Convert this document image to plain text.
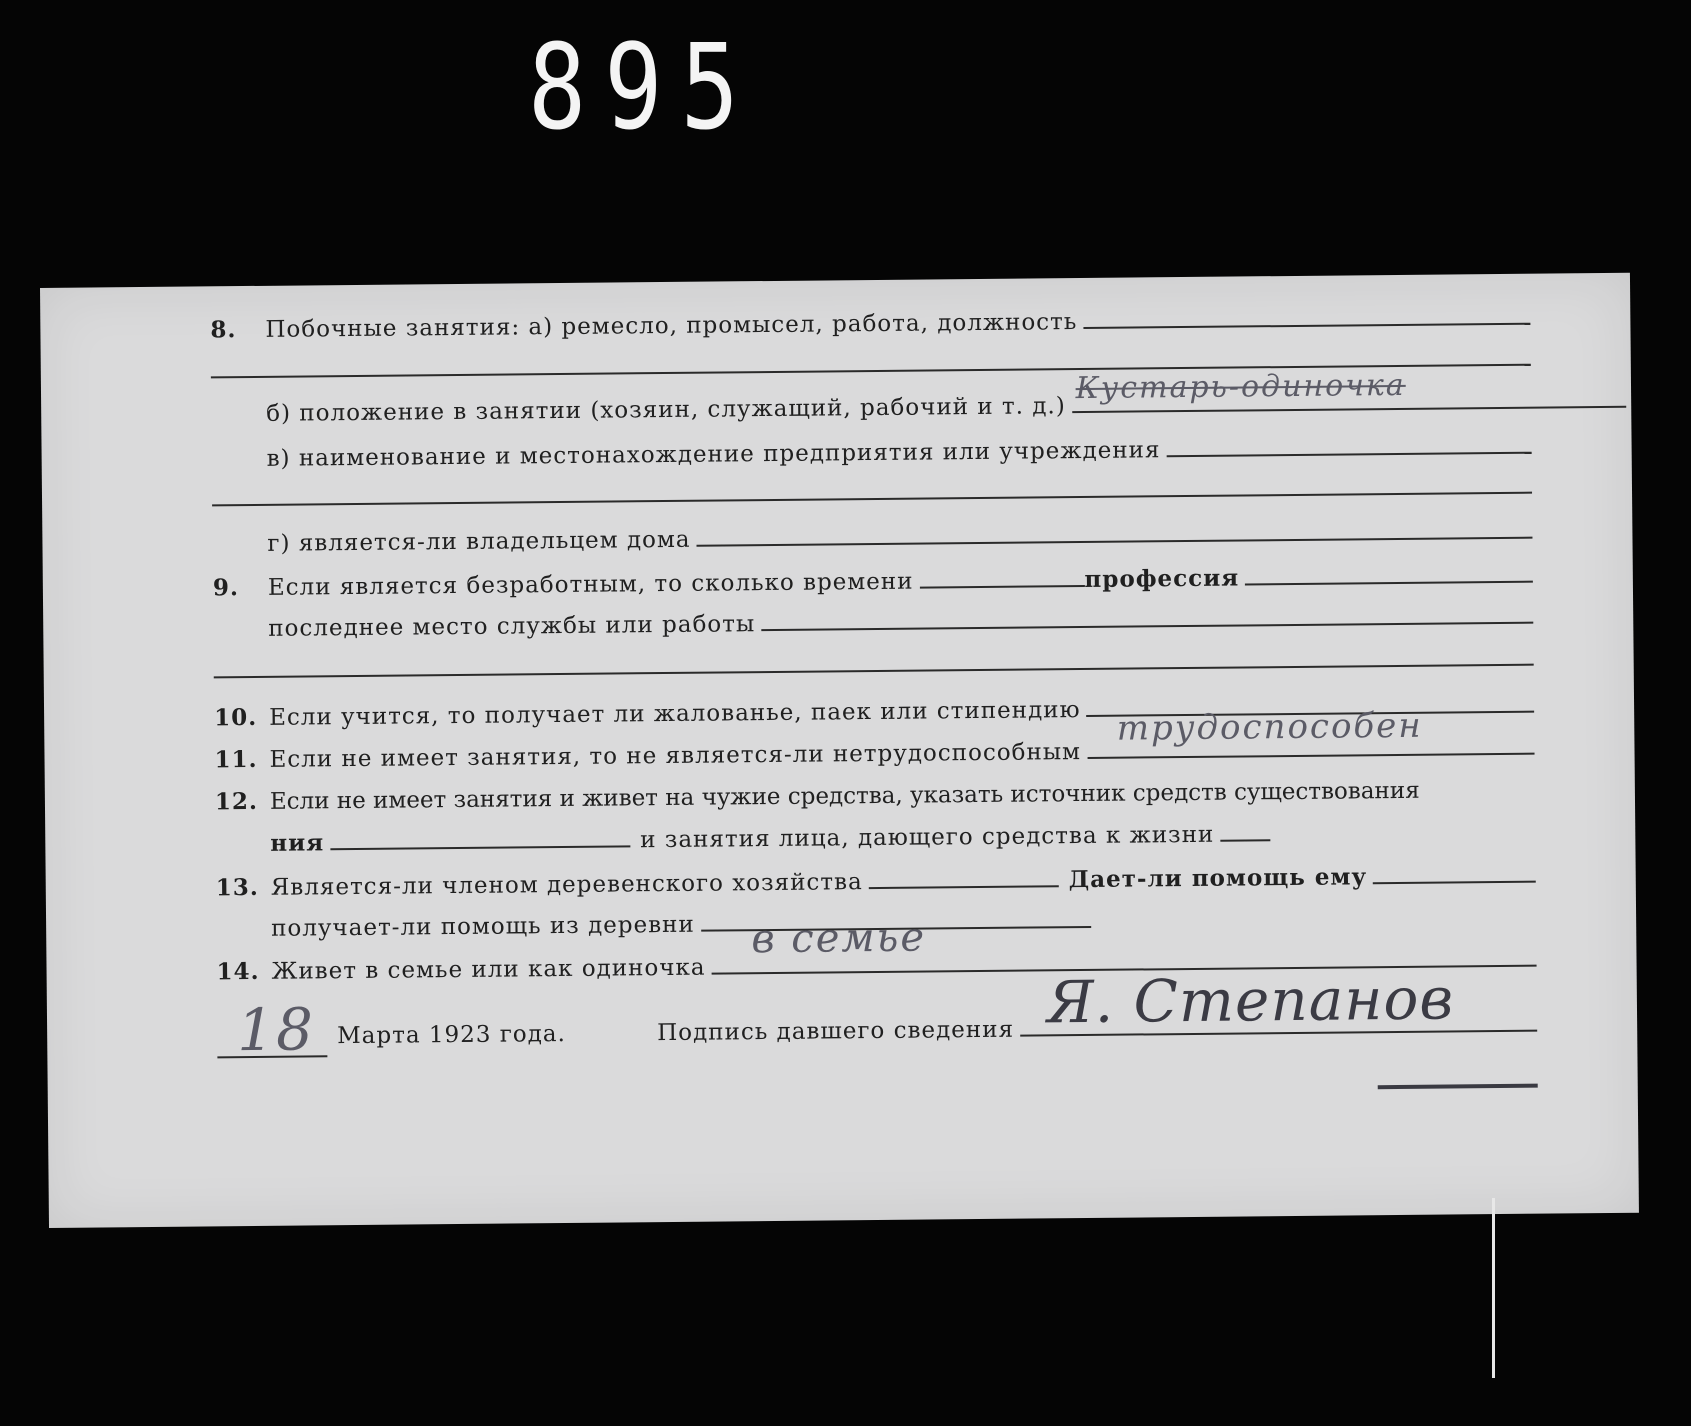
895
8.	Побочные занятия: а) ремесло, промысел, работа, должность
б) положение в занятии (хозяин, служащий, рабочий и т. д.)
Кустарь-одиночка
в) наименование и местонахождение предприятия или учреждения
г) является-ли владельцем дома
9.	Если является безработным, то сколько времени	профессия
последнее место службы или работы
10. Если учится, то получает ли жалованье, паек или стипендию
11. Если не имеет занятия, то не является-ли нетрудоспособным
трудоспособен
12. Если не имеет занятия и живет на чужие средства, указать источник средств существования
ния	и занятия лица, дающего средства к жизни
13. Является-ли членом деревенского хозяйства	Дает-ли помощь ему
получает-ли помощь из деревни
14. Живет в семье или как одиночка
в семье
18 Марта 1923 года.	Подпись давшего сведения Я. Степанов
